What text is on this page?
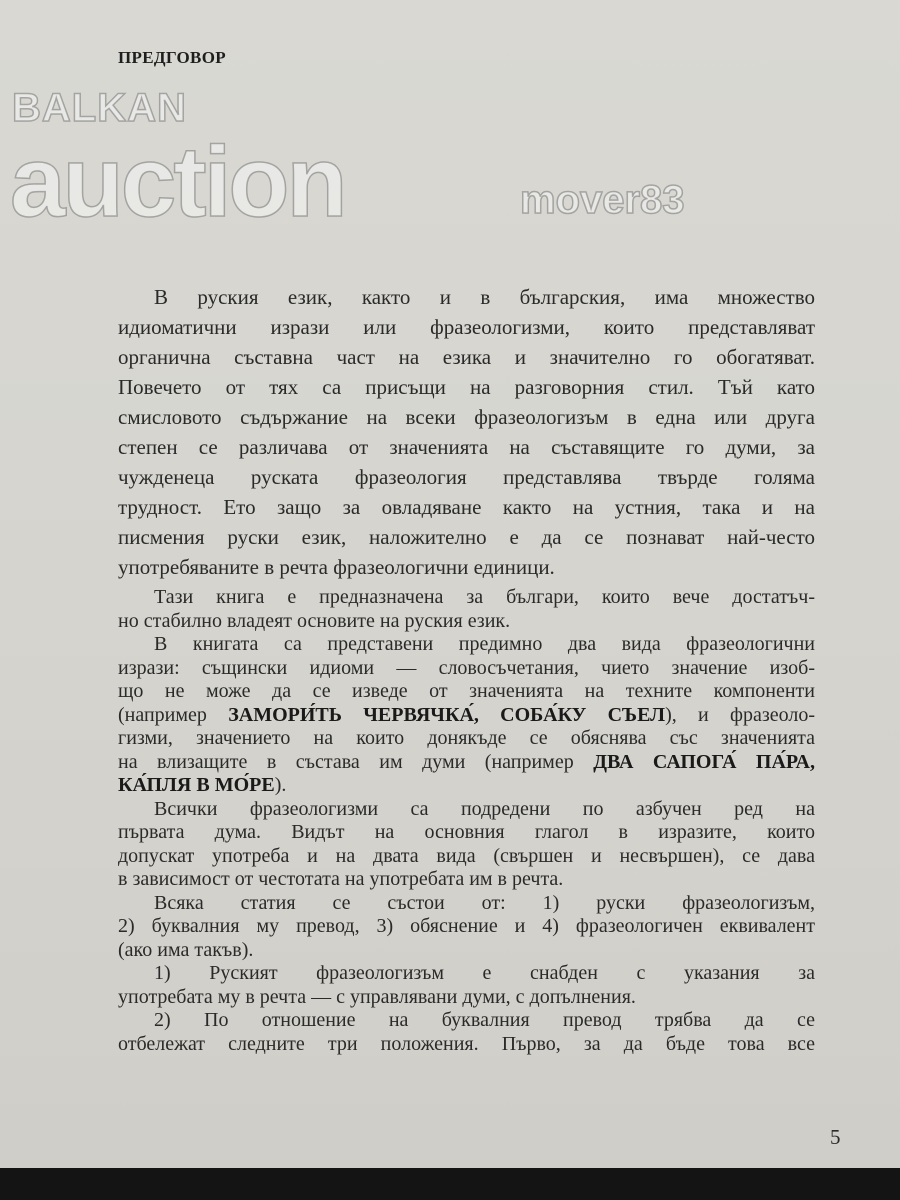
ПРЕДГОВОР
В руския език, както и в българския, има множество
идиоматични изрази или фразеологизми, които представляват
органична съставна част на езика и значително го обогатяват.
Повечето от тях са присъщи на разговорния стил. Тъй като
смисловото съдържание на всеки фразеологизъм в една или друга
степен се различава от значенията на съставящите го думи, за
чужденеца руската фразеология представлява твърде голяма
трудност. Ето защо за овладяване както на устния, така и на
писмения руски език, наложително е да се познават най-често
употребяваните в речта фразеологични единици.
Тази книга е предназначена за българи, които вече достатъч-
но стабилно владеят основите на руския език.
В книгата са представени предимно два вида фразеологични
изрази: същински идиоми — словосъчетания, чието значение изоб-
що не може да се изведе от значенията на техните компоненти
(например ЗАМОРИ́ТЬ ЧЕРВЯЧКА́, СОБА́КУ СЪЕЛ), и фразеоло-
гизми, значението на които донякъде се обяснява със значенията
на влизащите в състава им думи (например ДВА САПОГА́ ПА́РА,
КА́ПЛЯ В МО́РЕ).
Всички фразеологизми са подредени по азбучен ред на
първата дума. Видът на основния глагол в изразите, които
допускат употреба и на двата вида (свършен и несвършен), се дава
в зависимост от честотата на употребата им в речта.
Всяка статия се състои от: 1) руски фразеологизъм,
2) буквалния му превод, 3) обяснение и 4) фразеологичен еквивалент
(ако има такъв).
1) Руският фразеологизъм е снабден с указания за
употребата му в речта — с управлявани думи, с допълнения.
2) По отношение на буквалния превод трябва да се
отбележат следните три положения. Първо, за да бъде това все
5
BALKAN
auction	mover83
